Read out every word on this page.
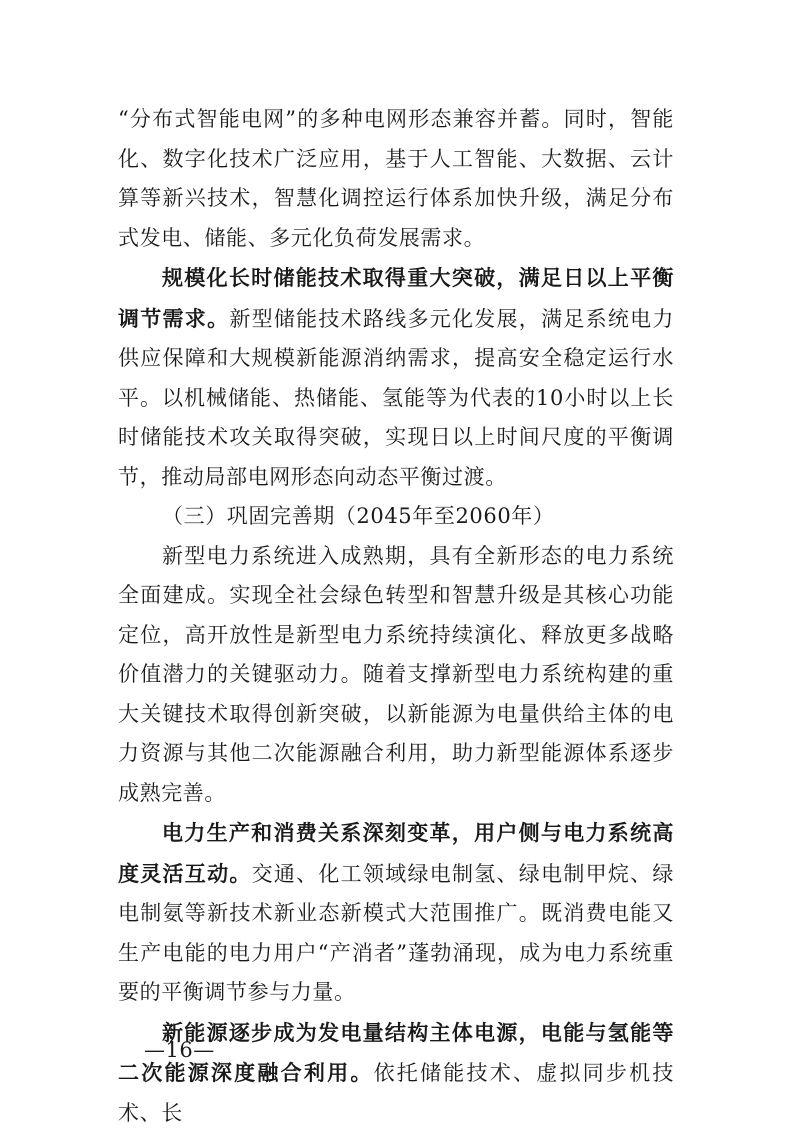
“分布式智能电网”的多种电网形态兼容并蓄。同时，智能化、数字化技术广泛应用，基于人工智能、大数据、云计算等新兴技术，智慧化调控运行体系加快升级，满足分布式发电、储能、多元化负荷发展需求。

规模化长时储能技术取得重大突破，满足日以上平衡调节需求。新型储能技术路线多元化发展，满足系统电力供应保障和大规模新能源消纳需求，提高安全稳定运行水平。以机械储能、热储能、氢能等为代表的10小时以上长时储能技术攻关取得突破，实现日以上时间尺度的平衡调节，推动局部电网形态向动态平衡过渡。

（三）巩固完善期（2045年至2060年）

新型电力系统进入成熟期，具有全新形态的电力系统全面建成。实现全社会绿色转型和智慧升级是其核心功能定位，高开放性是新型电力系统持续演化、释放更多战略价值潜力的关键驱动力。随着支撑新型电力系统构建的重大关键技术取得创新突破，以新能源为电量供给主体的电力资源与其他二次能源融合利用，助力新型能源体系逐步成熟完善。

电力生产和消费关系深刻变革，用户侧与电力系统高度灵活互动。交通、化工领域绿电制氢、绿电制甲烷、绿电制氨等新技术新业态新模式大范围推广。既消费电能又生产电能的电力用户“产消者”蓬勃涌现，成为电力系统重要的平衡调节参与力量。

新能源逐步成为发电量结构主体电源，电能与氢能等二次能源深度融合利用。依托储能技术、虚拟同步机技术、长

—16—
